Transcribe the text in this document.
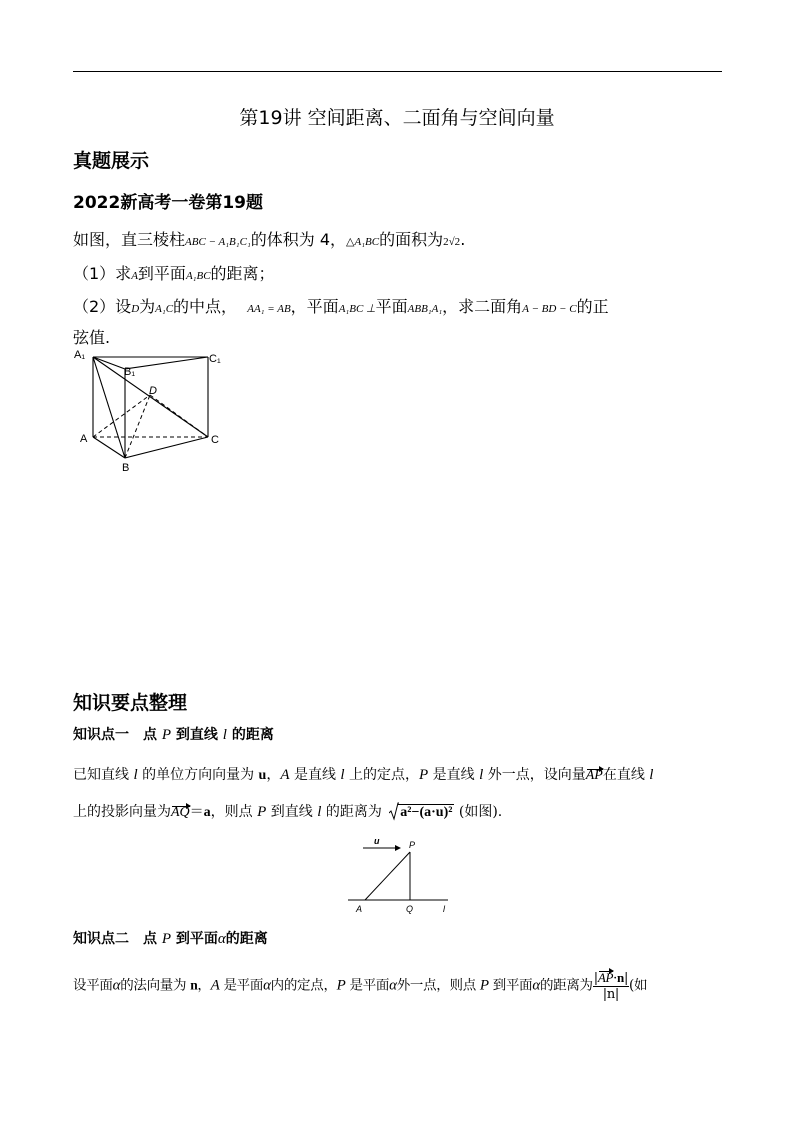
第19讲 空间距离、二面角与空间向量
真题展示
2022新高考一卷第19题
如图，直三棱柱ABC − A₁B₁C₁的体积为 4，△A₁BC的面积为2√2.
（1）求A到平面A₁BC的距离；
（2）设D为A₁C的中点， AA₁ = AB，平面A₁BC ⊥平面ABB₁A₁，求二面角A − BD − C的正
弦值.
A₁	C₁
B₁
D
A	C
B
知识要点整理
知识点一　点 P 到直线 l 的距离
已知直线 l 的单位方向向量为 u，A 是直线 l 上的定点，P 是直线 l 外一点，设向量AP在直线 l
上的投影向量为AQ＝a，则点 P 到直线 l 的距离为 a²−(a·u)² (如图).
u	P
A	Q	l
知识点二　点 P 到平面α的距离
设平面α的法向量为 n，A 是平面α内的定点，P 是平面α外一点，则点 P 到平面α的距离为 $\frac{|AP\cdot n|}{|n|}$ (如
